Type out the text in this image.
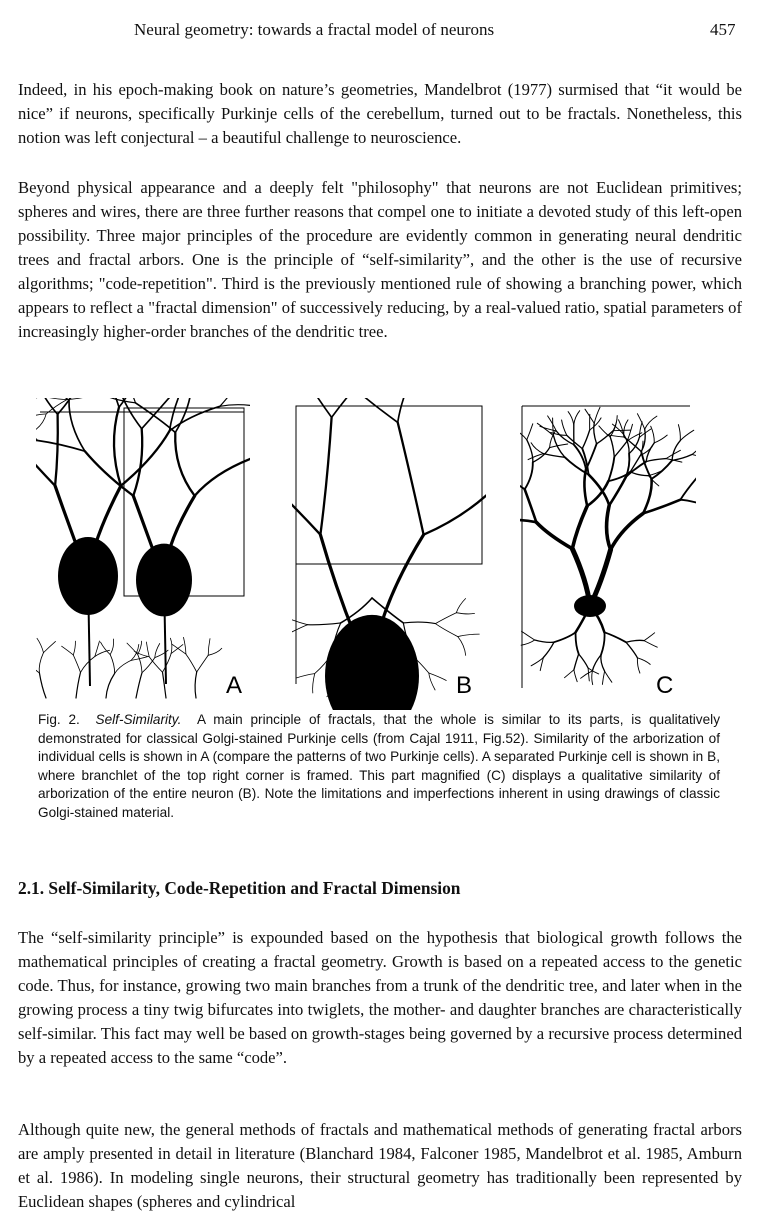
Neural geometry: towards a fractal model of neurons	457

Indeed, in his epoch-making book on nature’s geometries, Mandelbrot (1977) surmised that “it would be nice” if neurons, specifically Purkinje cells of the cerebellum, turned out to be fractals. Nonetheless, this notion was left conjectural – a beautiful challenge to neuroscience.

Beyond physical appearance and a deeply felt "philosophy" that neurons are not Euclidean primitives; spheres and wires, there are three further reasons that compel one to initiate a devoted study of this left-open possibility. Three major principles of the procedure are evidently common in generating neural dendritic trees and fractal arbors. One is the principle of “self-similarity”, and the other is the use of recursive algorithms; "code-repetition". Third is the previously mentioned rule of showing a branching power, which appears to reflect a "fractal dimension" of successively reducing, by a real-valued ratio, spatial parameters of increasingly higher-order branches of the dendritic tree.

A	B	C

Fig. 2. Self-Similarity. A main principle of fractals, that the whole is similar to its parts, is qualitatively demonstrated for classical Golgi-stained Purkinje cells (from Cajal 1911, Fig.52). Similarity of the arborization of individual cells is shown in A (compare the patterns of two Purkinje cells). A separated Purkinje cell is shown in B, where branchlet of the top right corner is framed. This part magnified (C) displays a qualitative similarity of arborization of the entire neuron (B). Note the limitations and imperfections inherent in using drawings of classic Golgi-stained material.

2.1. Self-Similarity, Code-Repetition and Fractal Dimension

The “self-similarity principle” is expounded based on the hypothesis that biological growth follows the mathematical principles of creating a fractal geometry. Growth is based on a repeated access to the genetic code. Thus, for instance, growing two main branches from a trunk of the dendritic tree, and later when in the growing process a tiny twig bifurcates into twiglets, the mother- and daughter branches are characteristically self-similar. This fact may well be based on growth-stages being governed by a recursive process determined by a repeated access to the same “code”.

Although quite new, the general methods of fractals and mathematical methods of generating fractal arbors are amply presented in detail in literature (Blanchard 1984, Falconer 1985, Mandelbrot et al. 1985, Amburn et al. 1986). In modeling single neurons, their structural geometry has traditionally been represented by Euclidean shapes (spheres and cylindrical
